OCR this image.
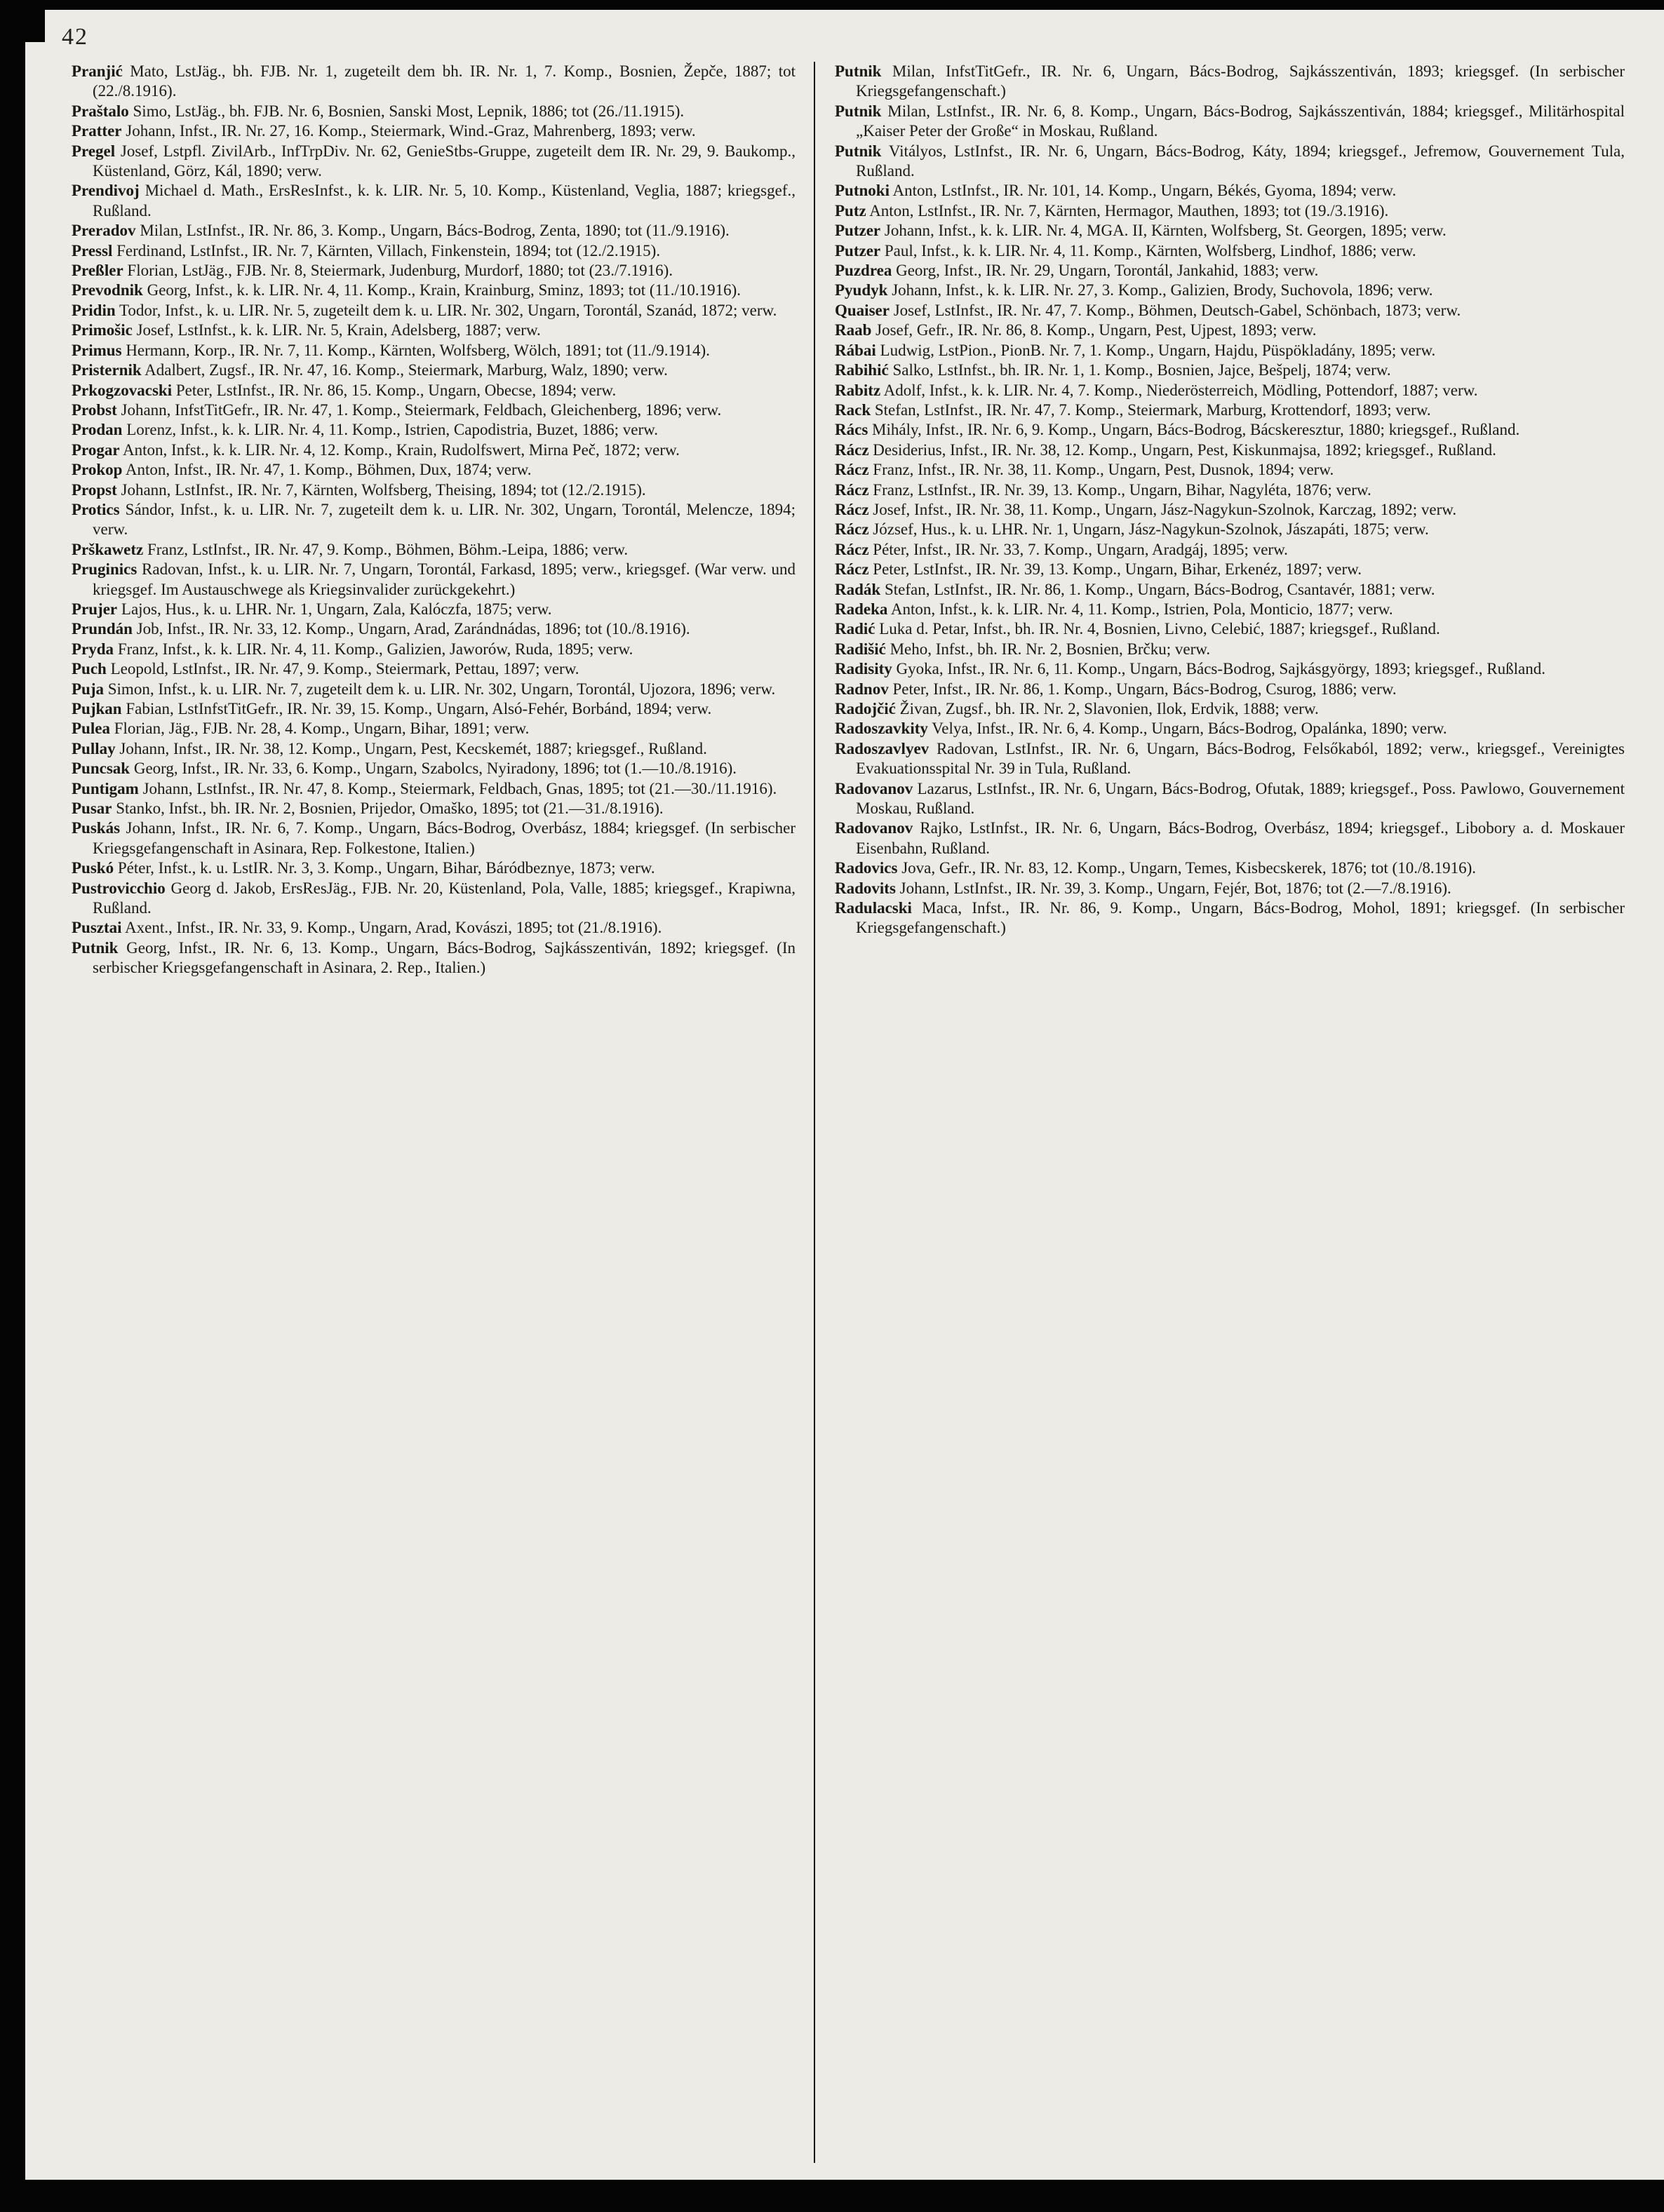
42

Pranjić Mato, LstJäg., bh. FJB. Nr. 1, zugeteilt dem bh. IR. Nr. 1, 7. Komp., Bosnien, Žepče, 1887; tot (22./8.1916).

Praštalo Simo, LstJäg., bh. FJB. Nr. 6, Bosnien, Sanski Most, Lepnik, 1886; tot (26./11.1915).

Pratter Johann, Infst., IR. Nr. 27, 16. Komp., Steiermark, Wind.-Graz, Mahrenberg, 1893; verw.

Pregel Josef, Lstpfl. ZivilArb., InfTrpDiv. Nr. 62, GenieStbs-Gruppe, zugeteilt dem IR. Nr. 29, 9. Baukomp., Küstenland, Görz, Kál, 1890; verw.

Prendivoj Michael d. Math., ErsResInfst., k. k. LIR. Nr. 5, 10. Komp., Küstenland, Veglia, 1887; kriegsgef., Rußland.

Preradov Milan, LstInfst., IR. Nr. 86, 3. Komp., Ungarn, Bács-Bodrog, Zenta, 1890; tot (11./9.1916).

Pressl Ferdinand, LstInfst., IR. Nr. 7, Kärnten, Villach, Finkenstein, 1894; tot (12./2.1915).

Preßler Florian, LstJäg., FJB. Nr. 8, Steiermark, Judenburg, Murdorf, 1880; tot (23./7.1916).

Prevodnik Georg, Infst., k. k. LIR. Nr. 4, 11. Komp., Krain, Krainburg, Sminz, 1893; tot (11./10.1916).

Pridin Todor, Infst., k. u. LIR. Nr. 5, zugeteilt dem k. u. LIR. Nr. 302, Ungarn, Torontál, Szanád, 1872; verw.

Primošic Josef, LstInfst., k. k. LIR. Nr. 5, Krain, Adelsberg, 1887; verw.

Primus Hermann, Korp., IR. Nr. 7, 11. Komp., Kärnten, Wolfsberg, Wölch, 1891; tot (11./9.1914).

Pristernik Adalbert, Zugsf., IR. Nr. 47, 16. Komp., Steiermark, Marburg, Walz, 1890; verw.

Prkogzovacski Peter, LstInfst., IR. Nr. 86, 15. Komp., Ungarn, Obecse, 1894; verw.

Probst Johann, InfstTitGefr., IR. Nr. 47, 1. Komp., Steiermark, Feldbach, Gleichenberg, 1896; verw.

Prodan Lorenz, Infst., k. k. LIR. Nr. 4, 11. Komp., Istrien, Capodistria, Buzet, 1886; verw.

Progar Anton, Infst., k. k. LIR. Nr. 4, 12. Komp., Krain, Rudolfswert, Mirna Peč, 1872; verw.

Prokop Anton, Infst., IR. Nr. 47, 1. Komp., Böhmen, Dux, 1874; verw.

Propst Johann, LstInfst., IR. Nr. 7, Kärnten, Wolfsberg, Theising, 1894; tot (12./2.1915).

Protics Sándor, Infst., k. u. LIR. Nr. 7, zugeteilt dem k. u. LIR. Nr. 302, Ungarn, Torontál, Melencze, 1894; verw.

Prškawetz Franz, LstInfst., IR. Nr. 47, 9. Komp., Böhmen, Böhm.-Leipa, 1886; verw.

Pruginics Radovan, Infst., k. u. LIR. Nr. 7, Ungarn, Torontál, Farkasd, 1895; verw., kriegsgef. (War verw. und kriegsgef. Im Austauschwege als Kriegsinvalider zurückgekehrt.)

Prujer Lajos, Hus., k. u. LHR. Nr. 1, Ungarn, Zala, Kalóczfa, 1875; verw.

Prundán Job, Infst., IR. Nr. 33, 12. Komp., Ungarn, Arad, Zarándnádas, 1896; tot (10./8.1916).

Pryda Franz, Infst., k. k. LIR. Nr. 4, 11. Komp., Galizien, Jaworów, Ruda, 1895; verw.

Puch Leopold, LstInfst., IR. Nr. 47, 9. Komp., Steiermark, Pettau, 1897; verw.

Puja Simon, Infst., k. u. LIR. Nr. 7, zugeteilt dem k. u. LIR. Nr. 302, Ungarn, Torontál, Ujozora, 1896; verw.

Pujkan Fabian, LstInfstTitGefr., IR. Nr. 39, 15. Komp., Ungarn, Alsó-Fehér, Borbánd, 1894; verw.

Pulea Florian, Jäg., FJB. Nr. 28, 4. Komp., Ungarn, Bihar, 1891; verw.

Pullay Johann, Infst., IR. Nr. 38, 12. Komp., Ungarn, Pest, Kecskemét, 1887; kriegsgef., Rußland.

Puncsak Georg, Infst., IR. Nr. 33, 6. Komp., Ungarn, Szabolcs, Nyiradony, 1896; tot (1.—10./8.1916).

Puntigam Johann, LstInfst., IR. Nr. 47, 8. Komp., Steiermark, Feldbach, Gnas, 1895; tot (21.—30./11.1916).

Pusar Stanko, Infst., bh. IR. Nr. 2, Bosnien, Prijedor, Omaško, 1895; tot (21.—31./8.1916).

Puskás Johann, Infst., IR. Nr. 6, 7. Komp., Ungarn, Bács-Bodrog, Overbász, 1884; kriegsgef. (In serbischer Kriegsgefangenschaft in Asinara, Rep. Folkestone, Italien.)

Puskó Péter, Infst., k. u. LstIR. Nr. 3, 3. Komp., Ungarn, Bihar, Báródbeznye, 1873; verw.

Pustrovicchio Georg d. Jakob, ErsResJäg., FJB. Nr. 20, Küstenland, Pola, Valle, 1885; kriegsgef., Krapiwna, Rußland.

Pusztai Axent., Infst., IR. Nr. 33, 9. Komp., Ungarn, Arad, Kovászi, 1895; tot (21./8.1916).

Putnik Georg, Infst., IR. Nr. 6, 13. Komp., Ungarn, Bács-Bodrog, Sajkásszentiván, 1892; kriegsgef. (In serbischer Kriegsgefangenschaft in Asinara, 2. Rep., Italien.)

Putnik Milan, InfstTitGefr., IR. Nr. 6, Ungarn, Bács-Bodrog, Sajkásszentiván, 1893; kriegsgef. (In serbischer Kriegsgefangenschaft.)

Putnik Milan, LstInfst., IR. Nr. 6, 8. Komp., Ungarn, Bács-Bodrog, Sajkásszentiván, 1884; kriegsgef., Militärhospital „Kaiser Peter der Große“ in Moskau, Rußland.

Putnik Vitályos, LstInfst., IR. Nr. 6, Ungarn, Bács-Bodrog, Káty, 1894; kriegsgef., Jefremow, Gouvernement Tula, Rußland.

Putnoki Anton, LstInfst., IR. Nr. 101, 14. Komp., Ungarn, Békés, Gyoma, 1894; verw.

Putz Anton, LstInfst., IR. Nr. 7, Kärnten, Hermagor, Mauthen, 1893; tot (19./3.1916).

Putzer Johann, Infst., k. k. LIR. Nr. 4, MGA. II, Kärnten, Wolfsberg, St. Georgen, 1895; verw.

Putzer Paul, Infst., k. k. LIR. Nr. 4, 11. Komp., Kärnten, Wolfsberg, Lindhof, 1886; verw.

Puzdrea Georg, Infst., IR. Nr. 29, Ungarn, Torontál, Jankahid, 1883; verw.

Pyudyk Johann, Infst., k. k. LIR. Nr. 27, 3. Komp., Galizien, Brody, Suchovola, 1896; verw.

Quaiser Josef, LstInfst., IR. Nr. 47, 7. Komp., Böhmen, Deutsch-Gabel, Schönbach, 1873; verw.

Raab Josef, Gefr., IR. Nr. 86, 8. Komp., Ungarn, Pest, Ujpest, 1893; verw.

Rábai Ludwig, LstPion., PionB. Nr. 7, 1. Komp., Ungarn, Hajdu, Püspökladány, 1895; verw.

Rabihić Salko, LstInfst., bh. IR. Nr. 1, 1. Komp., Bosnien, Jajce, Bešpelj, 1874; verw.

Rabitz Adolf, Infst., k. k. LIR. Nr. 4, 7. Komp., Niederösterreich, Mödling, Pottendorf, 1887; verw.

Rack Stefan, LstInfst., IR. Nr. 47, 7. Komp., Steiermark, Marburg, Krottendorf, 1893; verw.

Rács Mihály, Infst., IR. Nr. 6, 9. Komp., Ungarn, Bács-Bodrog, Bácskeresztur, 1880; kriegsgef., Rußland.

Rácz Desiderius, Infst., IR. Nr. 38, 12. Komp., Ungarn, Pest, Kiskunmajsa, 1892; kriegsgef., Rußland.

Rácz Franz, Infst., IR. Nr. 38, 11. Komp., Ungarn, Pest, Dusnok, 1894; verw.

Rácz Franz, LstInfst., IR. Nr. 39, 13. Komp., Ungarn, Bihar, Nagyléta, 1876; verw.

Rácz Josef, Infst., IR. Nr. 38, 11. Komp., Ungarn, Jász-Nagykun-Szolnok, Karczag, 1892; verw.

Rácz József, Hus., k. u. LHR. Nr. 1, Ungarn, Jász-Nagykun-Szolnok, Jászapáti, 1875; verw.

Rácz Péter, Infst., IR. Nr. 33, 7. Komp., Ungarn, Aradgáj, 1895; verw.

Rácz Peter, LstInfst., IR. Nr. 39, 13. Komp., Ungarn, Bihar, Erkenéz, 1897; verw.

Radák Stefan, LstInfst., IR. Nr. 86, 1. Komp., Ungarn, Bács-Bodrog, Csantavér, 1881; verw.

Radeka Anton, Infst., k. k. LIR. Nr. 4, 11. Komp., Istrien, Pola, Monticio, 1877; verw.

Radić Luka d. Petar, Infst., bh. IR. Nr. 4, Bosnien, Livno, Celebić, 1887; kriegsgef., Rußland.

Radišić Meho, Infst., bh. IR. Nr. 2, Bosnien, Brčku; verw.

Radisity Gyoka, Infst., IR. Nr. 6, 11. Komp., Ungarn, Bács-Bodrog, Sajkásgyörgy, 1893; kriegsgef., Rußland.

Radnov Peter, Infst., IR. Nr. 86, 1. Komp., Ungarn, Bács-Bodrog, Csurog, 1886; verw.

Radojčić Živan, Zugsf., bh. IR. Nr. 2, Slavonien, Ilok, Erdvik, 1888; verw.

Radoszavkity Velya, Infst., IR. Nr. 6, 4. Komp., Ungarn, Bács-Bodrog, Opalánka, 1890; verw.

Radoszavlyev Radovan, LstInfst., IR. Nr. 6, Ungarn, Bács-Bodrog, Felsőkaból, 1892; verw., kriegsgef., Vereinigtes Evakuationsspital Nr. 39 in Tula, Rußland.

Radovanov Lazarus, LstInfst., IR. Nr. 6, Ungarn, Bács-Bodrog, Ofutak, 1889; kriegsgef., Poss. Pawlowo, Gouvernement Moskau, Rußland.

Radovanov Rajko, LstInfst., IR. Nr. 6, Ungarn, Bács-Bodrog, Overbász, 1894; kriegsgef., Libobory a. d. Moskauer Eisenbahn, Rußland.

Radovics Jova, Gefr., IR. Nr. 83, 12. Komp., Ungarn, Temes, Kisbecskerek, 1876; tot (10./8.1916).

Radovits Johann, LstInfst., IR. Nr. 39, 3. Komp., Ungarn, Fejér, Bot, 1876; tot (2.—7./8.1916).

Radulacski Maca, Infst., IR. Nr. 86, 9. Komp., Ungarn, Bács-Bodrog, Mohol, 1891; kriegsgef. (In serbischer Kriegsgefangenschaft.)
